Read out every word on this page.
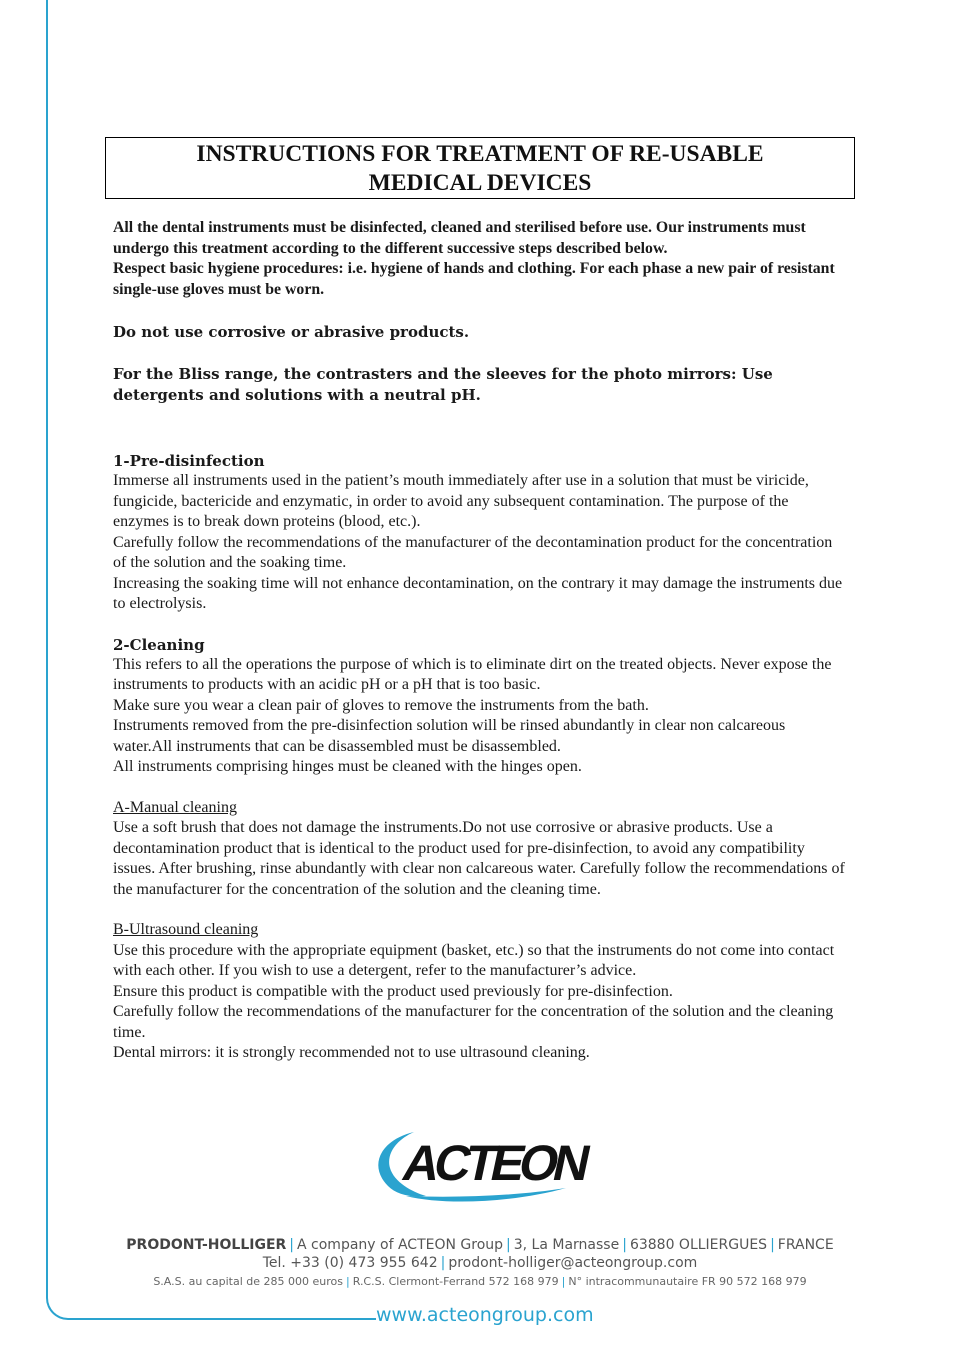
INSTRUCTIONS FOR TREATMENT OF RE-USABLE
MEDICAL DEVICES

All the dental instruments must be disinfected, cleaned and sterilised before use. Our instruments must undergo this treatment according to the different successive steps described below.

Respect basic hygiene procedures: i.e. hygiene of hands and clothing. For each phase a new pair of resistant single-use gloves must be worn.

Do not use corrosive or abrasive products.

For the Bliss range, the contrasters and the sleeves for the photo mirrors: Use detergents and solutions with a neutral pH.

1-Pre-disinfection

Immerse all instruments used in the patient’s mouth immediately after use in a solution that must be viricide, fungicide, bactericide and enzymatic, in order to avoid any subsequent contamination. The purpose of the enzymes is to break down proteins (blood, etc.).

Carefully follow the recommendations of the manufacturer of the decontamination product for the concentration of the solution and the soaking time.

Increasing the soaking time will not enhance decontamination, on the contrary it may damage the instruments due to electrolysis.

2-Cleaning

This refers to all the operations the purpose of which is to eliminate dirt on the treated objects. Never expose the instruments to products with an acidic pH or a pH that is too basic.

Make sure you wear a clean pair of gloves to remove the instruments from the bath.

Instruments removed from the pre-disinfection solution will be rinsed abundantly in clear non calcareous water.All instruments that can be disassembled must be disassembled.

All instruments comprising hinges must be cleaned with the hinges open.

A-Manual cleaning

Use a soft brush that does not damage the instruments.Do not use corrosive or abrasive products. Use a decontamination product that is identical to the product used for pre-disinfection, to avoid any compatibility issues. After brushing, rinse abundantly with clear non calcareous water. Carefully follow the recommendations of the manufacturer for the concentration of the solution and the cleaning time.

B-Ultrasound cleaning

Use this procedure with the appropriate equipment (basket, etc.) so that the instruments do not come into contact with each other. If you wish to use a detergent, refer to the manufacturer’s advice.

Ensure this product is compatible with the product used previously for pre-disinfection.

Carefully follow the recommendations of the manufacturer for the concentration of the solution and the cleaning time.

Dental mirrors: it is strongly recommended not to use ultrasound cleaning.

ACTEON
PRODONT-HOLLIGER | A company of ACTEON Group | 3, La Marnasse | 63880 OLLIERGUES | FRANCE
Tel. +33 (0) 473 955 642 | prodont-holliger@acteongroup.com
S.A.S. au capital de 285 000 euros | R.C.S. Clermont-Ferrand 572 168 979 | N° intracommunautaire FR 90 572 168 979
www.acteongroup.com
